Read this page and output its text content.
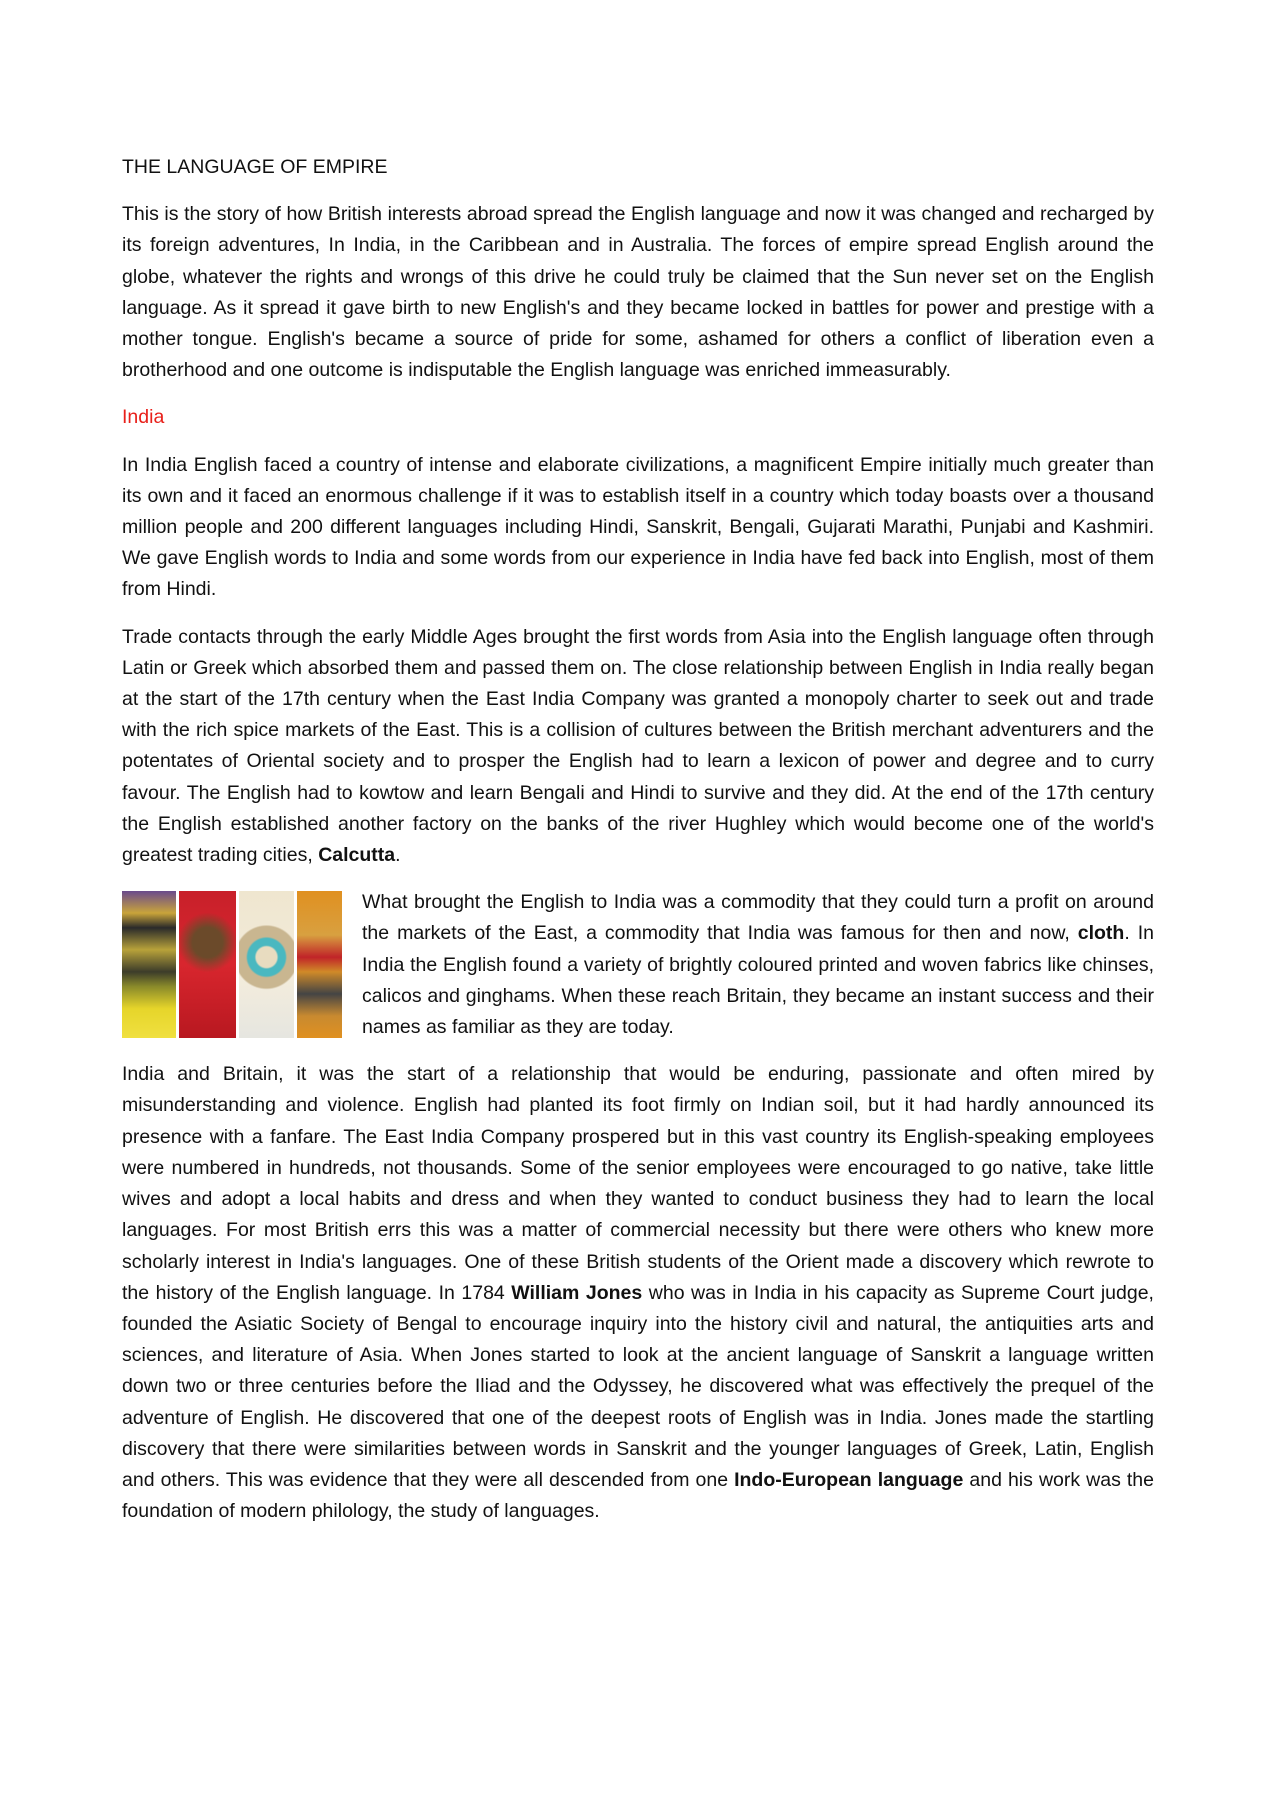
THE LANGUAGE OF EMPIRE

This is the story of how British interests abroad spread the English language and now it was changed and recharged by its foreign adventures, In India, in the Caribbean and in Australia. The forces of empire spread English around the globe, whatever the rights and wrongs of this drive he could truly be claimed that the Sun never set on the English language. As it spread it gave birth to new English's and they became locked in battles for power and prestige with a mother tongue. English's became a source of pride for some, ashamed for others a conflict of liberation even a brotherhood and one outcome is indisputable the English language was enriched immeasurably.

India

In India English faced a country of intense and elaborate civilizations, a magnificent Empire initially much greater than its own and it faced an enormous challenge if it was to establish itself in a country which today boasts over a thousand million people and 200 different languages including Hindi, Sanskrit, Bengali, Gujarati Marathi, Punjabi and Kashmiri. We gave English words to India and some words from our experience in India have fed back into English, most of them from Hindi.

Trade contacts through the early Middle Ages brought the first words from Asia into the English language often through Latin or Greek which absorbed them and passed them on. The close relationship between English in India really began at the start of the 17th century when the East India Company was granted a monopoly charter to seek out and trade with the rich spice markets of the East. This is a collision of cultures between the British merchant adventurers and the potentates of Oriental society and to prosper the English had to learn a lexicon of power and degree and to curry favour. The English had to kowtow and learn Bengali and Hindi to survive and they did. At the end of the 17th century the English established another factory on the banks of the river Hughley which would become one of the world's greatest trading cities, Calcutta.

What brought the English to India was a commodity that they could turn a profit on around the markets of the East, a commodity that India was famous for then and now, cloth. In India the English found a variety of brightly coloured printed and woven fabrics like chinses, calicos and ginghams. When these reach Britain, they became an instant success and their names as familiar as they are today.

India and Britain, it was the start of a relationship that would be enduring, passionate and often mired by misunderstanding and violence. English had planted its foot firmly on Indian soil, but it had hardly announced its presence with a fanfare. The East India Company prospered but in this vast country its English-speaking employees were numbered in hundreds, not thousands. Some of the senior employees were encouraged to go native, take little wives and adopt a local habits and dress and when they wanted to conduct business they had to learn the local languages. For most British errs this was a matter of commercial necessity but there were others who knew more scholarly interest in India's languages. One of these British students of the Orient made a discovery which rewrote to the history of the English language. In 1784 William Jones who was in India in his capacity as Supreme Court judge, founded the Asiatic Society of Bengal to encourage inquiry into the history civil and natural, the antiquities arts and sciences, and literature of Asia. When Jones started to look at the ancient language of Sanskrit a language written down two or three centuries before the Iliad and the Odyssey, he discovered what was effectively the prequel of the adventure of English. He discovered that one of the deepest roots of English was in India. Jones made the startling discovery that there were similarities between words in Sanskrit and the younger languages of Greek, Latin, English and others. This was evidence that they were all descended from one Indo-European language and his work was the foundation of modern philology, the study of languages.
